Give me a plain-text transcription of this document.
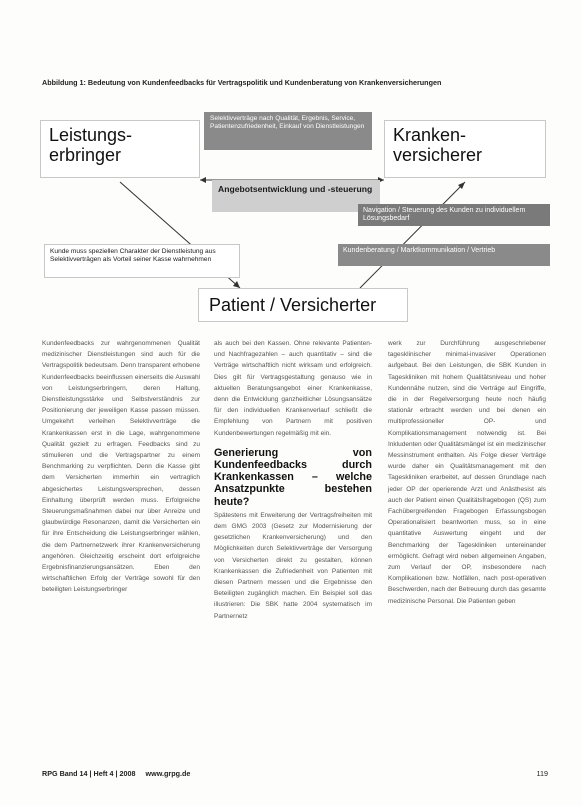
Abbildung 1: Bedeutung von Kundenfeedbacks für Vertragspolitik und Kundenberatung von Krankenversicherungen
Leistungs-
erbringer
Kranken-
versicherer
Selektivverträge nach Qualität, Ergebnis, Service, Patientenzufriedenheit, Einkauf von Dienstleistungen
Angebotsentwicklung und -steuerung
Navigation / Steuerung des Kunden zu individuellem Lösungsbedarf
Kundenberatung / Marktkommunikation / Vertrieb
Kunde muss speziellen Charakter der Dienstleistung aus Selektivverträgen als Vorteil seiner Kasse wahrnehmen
Patient / Versicherter

Kundenfeedbacks zur wahrgenommenen Qualität medizinischer Dienstleistungen sind auch für die Vertragspolitik bedeutsam. Denn transparent erhobene Kundenfeedbacks beeinflussen einerseits die Auswahl von Leistungserbringern, deren Haltung, Dienstleistungsstärke und Selbstverständnis zur Positionierung der jeweiligen Kasse passen müssen. Umgekehrt verleihen Selektivverträge die Krankenkassen erst in die Lage, wahrgenommene Qualität gezielt zu erfragen. Feedbacks sind zu stimulieren und die Vertragspartner zu einem Benchmarking zu verpflichten. Denn die Kasse gibt dem Versicherten immerhin ein vertraglich abgesichertes Leistungsversprechen, dessen Einhaltung überprüft werden muss. Erfolgreiche Steuerungsmaßnahmen dabei nur über Anreize und glaubwürdige Resonanzen, damit die Versicherten ein für ihre Entscheidung die Leistungserbringer wählen, die dem Partnernetzwerk ihrer Krankenversicherung angehören. Gleichzeitig erscheint dort erfolgreiche Ergebnisfinanzierungsansätzen. Eben den wirtschaftlichen Erfolg der Verträge sowohl für den beteiligten Leistungserbringer

als auch bei den Kassen. Ohne relevante Patienten- und Nachfragezahlen – auch quantitativ – sind die Verträge wirtschaftlich nicht wirksam und erfolgreich. Dies gilt für Vertragsgestaltung genauso wie in aktuellen Beratungsangebot einer Krankenkasse, denn die Entwicklung ganzheitlicher Lösungsansätze für den individuellen Krankenverlauf schließt die Empfehlung von Partnern mit positiven Kundenbewertungen regelmäßig mit ein.

Generierung von Kundenfeedbacks durch Krankenkassen – welche Ansatzpunkte bestehen heute?

Spätestens mit Erweiterung der Vertragsfreiheiten mit dem GMG 2003 (Gesetz zur Modernisierung der gesetzlichen Krankenversicherung) und den Möglichkeiten durch Selektivverträge der Versorgung von Versicherten direkt zu gestalten, können Krankenkassen die Zufriedenheit von Patienten mit diesen Partnern messen und die Ergebnisse den Beteiligten zugänglich machen. Ein Beispiel soll das illustrieren: Die SBK hatte 2004 systematisch im Partnernetz

werk zur Durchführung ausgeschriebener tagesklinischer minimal-invasiver Operationen aufgebaut. Bei den Leistungen, die SBK Kunden in Tageskliniken mit hohem Qualitätsniveau und hoher Kundennähe nutzen, sind die Verträge auf Eingriffe, die in der Regelversorgung heute noch häufig stationär erbracht werden und bei denen ein multiprofessioneller OP- und Komplikationsmanagement notwendig ist. Bei Inkludenten oder Qualitätsmängel ist ein medizinischer Messinstrument enthalten. Als Folge dieser Verträge wurde daher ein Qualitätsmanagement mit den Tageskliniken erarbeitet, auf dessen Grundlage nach jeder OP der operierende Arzt und Anästhesist als auch der Patient einen Qualitätsfragebogen (QS) zum Fachübergreifenden Fragebogen Erfassungsbogen Operationalisiert beantworten muss, so in eine quantitative Auswertung eingeht und der Benchmarking der Tageskliniken untereinander ermöglicht. Gefragt wird neben allgemeinen Angaben, zum Verlauf der OP, insbesondere nach Komplikationen bzw. Notfällen, nach post-operativen Beschwerden, nach der Betreuung durch das gesamte medizinische Personal. Die Patienten geben

RPG Band 14 | Heft 4 | 2008 www.grpg.de	119
